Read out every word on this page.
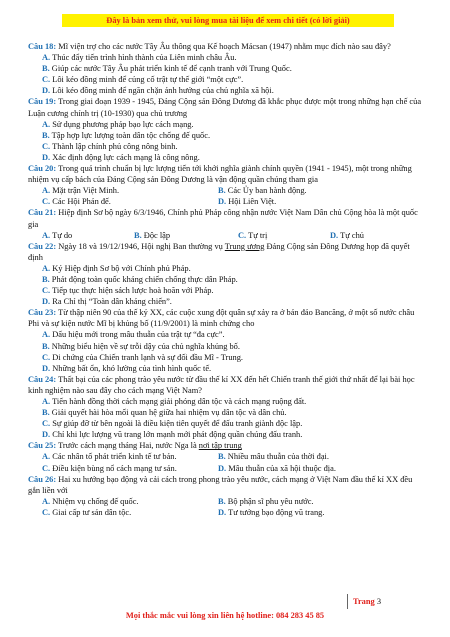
Đây là bản xem thử, vui lòng mua tài liệu để xem chi tiết (có lời giải)
Câu 18: Mĩ viện trợ cho các nước Tây Âu thông qua Kế hoạch Mácsan (1947) nhằm mục đích nào sau đây?
A. Thúc đẩy tiến trình hình thành của Liên minh châu Âu.
B. Giúp các nước Tây Âu phát triển kinh tế để cạnh tranh với Trung Quốc.
C. Lôi kéo đồng minh để củng cố trật tự thế giới “một cực”.
D. Lôi kéo đồng minh để ngăn chặn ảnh hưởng của chủ nghĩa xã hội.
Câu 19: Trong giai đoạn 1939 - 1945, Đảng Cộng sản Đông Dương đã khắc phục được một trong những hạn chế của Luận cương chính trị (10-1930) qua chủ trương
A. Sử dụng phương pháp bạo lực cách mạng.
B. Tập hợp lực lượng toàn dân tộc chống đế quốc.
C. Thành lập chính phủ công nông binh.
D. Xác định động lực cách mạng là công nông.
Câu 20: Trong quá trình chuẩn bị lực lượng tiến tới khởi nghĩa giành chính quyền (1941 - 1945), một trong những nhiệm vụ cấp bách của Đảng Cộng sản Đông Dương là vận động quần chúng tham gia
A. Mặt trận Việt Minh.	B. Các Ủy ban hành động.
C. Các Hội Phản đế.	D. Hội Liên Việt.
Câu 21: Hiệp định Sơ bộ ngày 6/3/1946, Chính phủ Pháp công nhận nước Việt Nam Dân chủ Cộng hòa là một quốc gia
A. Tự do	B. Độc lập	C. Tự trị	D. Tự chủ
Câu 22: Ngày 18 và 19/12/1946, Hội nghị Ban thường vụ Trung ương Đảng Cộng sản Đông Dương họp đã quyết định
A. Ký Hiệp định Sơ bộ với Chính phủ Pháp.
B. Phát động toàn quốc kháng chiến chống thực dân Pháp.
C. Tiếp tục thực hiện sách lược hoà hoãn với Pháp.
D. Ra Chỉ thị “Toàn dân kháng chiến”.
Câu 23: Từ thập niên 90 của thế kỷ XX, các cuộc xung đột quân sự xảy ra ở bán đảo Bancăng, ở một số nước châu Phi và sự kiện nước Mĩ bị khủng bố (11/9/2001) là minh chứng cho
A. Dấu hiệu mới trong mâu thuẫn của trật tự “đa cực”.
B. Những biểu hiện về sự trỗi dậy của chủ nghĩa khủng bố.
C. Di chứng của Chiến tranh lạnh và sự đối đầu Mĩ - Trung.
D. Những bất ổn, khó lường của tình hình quốc tế.
Câu 24: Thất bại của các phong trào yêu nước từ đầu thế kỉ XX đến hết Chiến tranh thế giới thứ nhất để lại bài học kinh nghiệm nào sau đây cho cách mạng Việt Nam?
A. Tiến hành đồng thời cách mạng giải phóng dân tộc và cách mạng ruộng đất.
B. Giải quyết hài hòa mối quan hệ giữa hai nhiệm vụ dân tộc và dân chủ.
C. Sự giúp đỡ từ bên ngoài là điều kiện tiên quyết để đấu tranh giành độc lập.
D. Chỉ khi lực lượng vũ trang lớn mạnh mới phát động quần chúng đấu tranh.
Câu 25: Trước cách mạng tháng Hai, nước Nga là nơi tập trung
A. Các nhân tố phát triển kinh tế tư bản.	B. Nhiều mâu thuẫn của thời đại.
C. Điều kiện bùng nổ cách mạng tư sản.	D. Mâu thuẫn của xã hội thuộc địa.
Câu 26: Hai xu hướng bạo động và cải cách trong phong trào yêu nước, cách mạng ở Việt Nam đầu thế kỉ XX đều gắn liền với
A. Nhiệm vụ chống đế quốc.	B. Bộ phận sĩ phu yêu nước.
C. Giai cấp tư sản dân tộc.	D. Tư tưởng bạo động vũ trang.
Trang 3
Mọi thắc mắc vui lòng xin liên hệ hotline: 084 283 45 85
